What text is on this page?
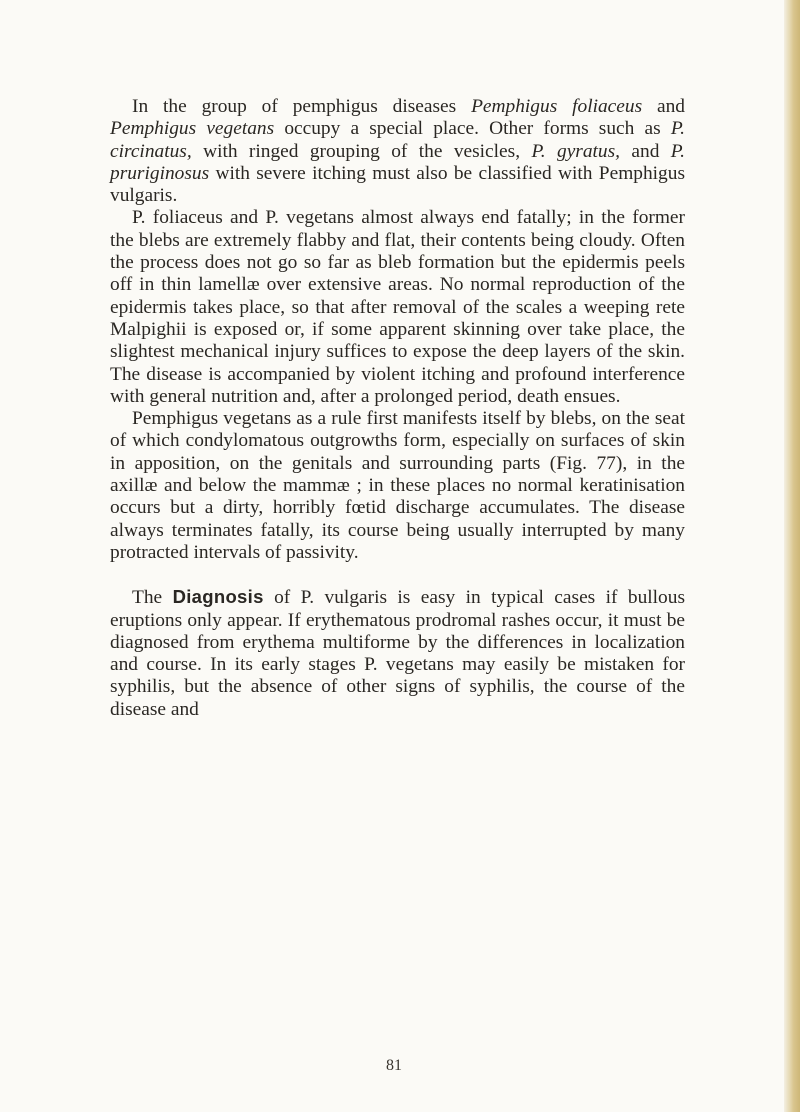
In the group of pemphigus diseases Pemphigus foliaceus and Pemphigus vegetans occupy a special place. Other forms such as P. circinatus, with ringed grouping of the vesicles, P. gyratus, and P. pruriginosus with severe itching must also be classified with Pemphigus vulgaris.

P. foliaceus and P. vegetans almost always end fatally; in the former the blebs are extremely flabby and flat, their contents being cloudy. Often the process does not go so far as bleb formation but the epidermis peels off in thin lamellæ over extensive areas. No normal reproduction of the epidermis takes place, so that after removal of the scales a weeping rete Malpighii is exposed or, if some apparent skinning over take place, the slightest mechanical injury suffices to expose the deep layers of the skin. The disease is accompanied by violent itching and profound interference with general nutrition and, after a prolonged period, death ensues.

Pemphigus vegetans as a rule first manifests itself by blebs, on the seat of which condylomatous outgrowths form, especially on surfaces of skin in apposition, on the genitals and surrounding parts (Fig. 77), in the axillæ and below the mammæ ; in these places no normal keratinisation occurs but a dirty, horribly fœtid discharge accumulates. The disease always terminates fatally, its course being usually interrupted by many protracted intervals of passivity.

The Diagnosis of P. vulgaris is easy in typical cases if bullous eruptions only appear. If erythematous prodromal rashes occur, it must be diagnosed from erythema multiforme by the differences in localization and course. In its early stages P. vegetans may easily be mistaken for syphilis, but the absence of other signs of syphilis, the course of the disease and

81
